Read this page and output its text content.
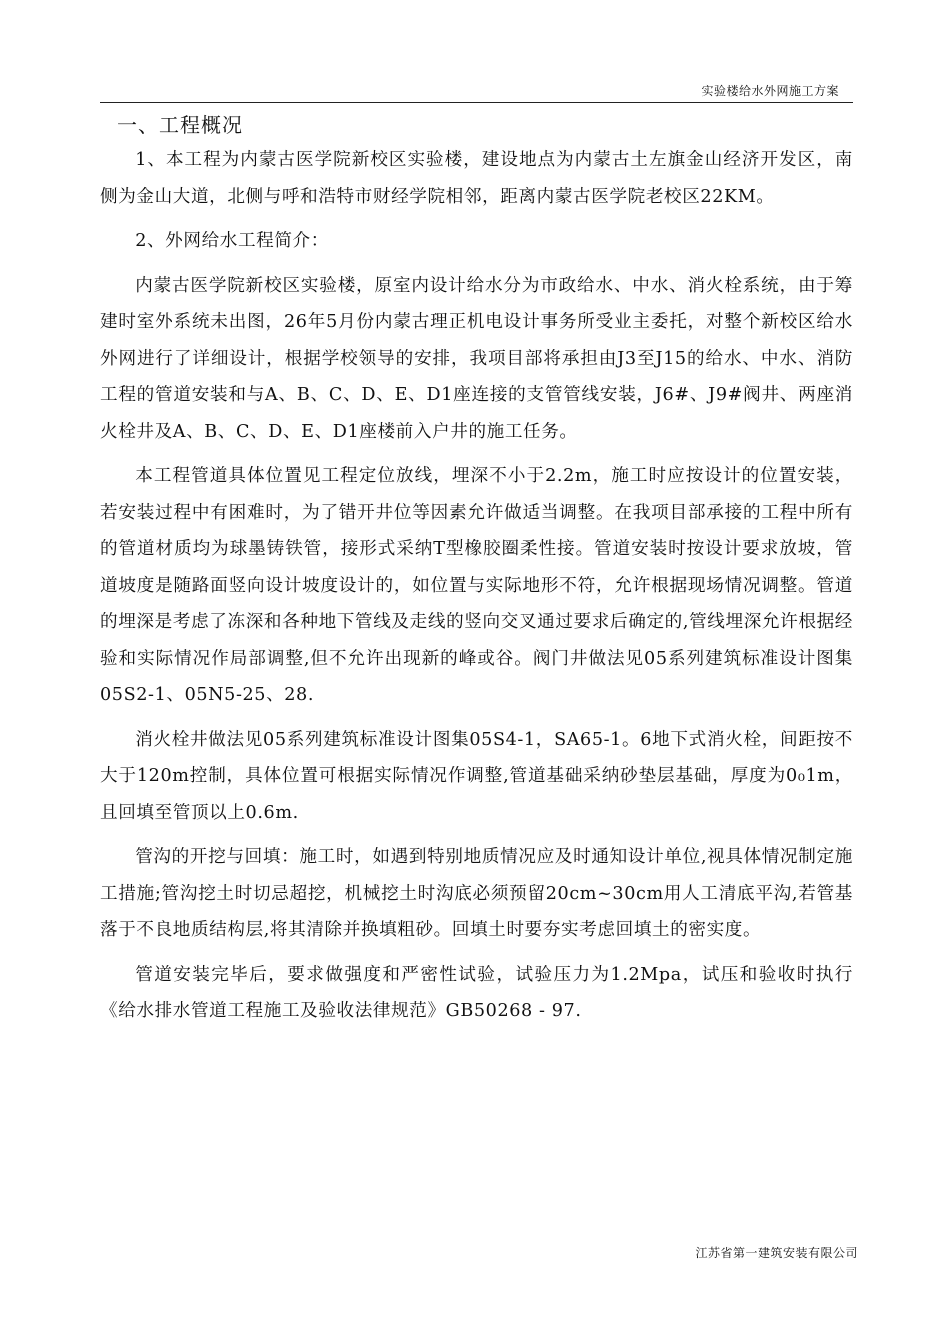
实验楼给水外网施工方案
一、工程概况

1、本工程为内蒙古医学院新校区实验楼，建设地点为内蒙古土左旗金山经济开发区，南侧为金山大道，北侧与呼和浩特市财经学院相邻，距离内蒙古医学院老校区22KM。

2、外网给水工程简介：

内蒙古医学院新校区实验楼，原室内设计给水分为市政给水、中水、消火栓系统，由于筹建时室外系统未出图，26年5月份内蒙古理正机电设计事务所受业主委托，对整个新校区给水外网进行了详细设计，根据学校领导的安排，我项目部将承担由J3至J15的给水、中水、消防工程的管道安装和与A、B、C、D、E、D1座连接的支管管线安装，J6#、J9#阀井、两座消火栓井及A、B、C、D、E、D1座楼前入户井的施工任务。

本工程管道具体位置见工程定位放线，埋深不小于2.2m，施工时应按设计的位置安装，若安装过程中有困难时，为了错开井位等因素允许做适当调整。在我项目部承接的工程中所有的管道材质均为球墨铸铁管，接形式采纳T型橡胶圈柔性接。管道安装时按设计要求放坡，管道坡度是随路面竖向设计坡度设计的，如位置与实际地形不符，允许根据现场情况调整。管道的埋深是考虑了冻深和各种地下管线及走线的竖向交叉通过要求后确定的,管线埋深允许根据经验和实际情况作局部调整,但不允许出现新的峰或谷。阀门井做法见05系列建筑标准设计图集05S2-1、05N5-25、28.

消火栓井做法见05系列建筑标准设计图集05S4-1，SA65-1。6地下式消火栓，间距按不大于120m控制，具体位置可根据实际情况作调整,管道基础采纳砂垫层基础，厚度为0₀1m，且回填至管顶以上0.6m.

管沟的开挖与回填：施工时，如遇到特别地质情况应及时通知设计单位,视具体情况制定施工措施;管沟挖土时切忌超挖，机械挖土时沟底必须预留20cm~30cm用人工清底平沟,若管基落于不良地质结构层,将其清除并换填粗砂。回填土时要夯实考虑回填土的密实度。

管道安装完毕后，要求做强度和严密性试验，试验压力为1.2Mpa，试压和验收时执行《给水排水管道工程施工及验收法律规范》GB50268 - 97.

江苏省第一建筑安装有限公司
